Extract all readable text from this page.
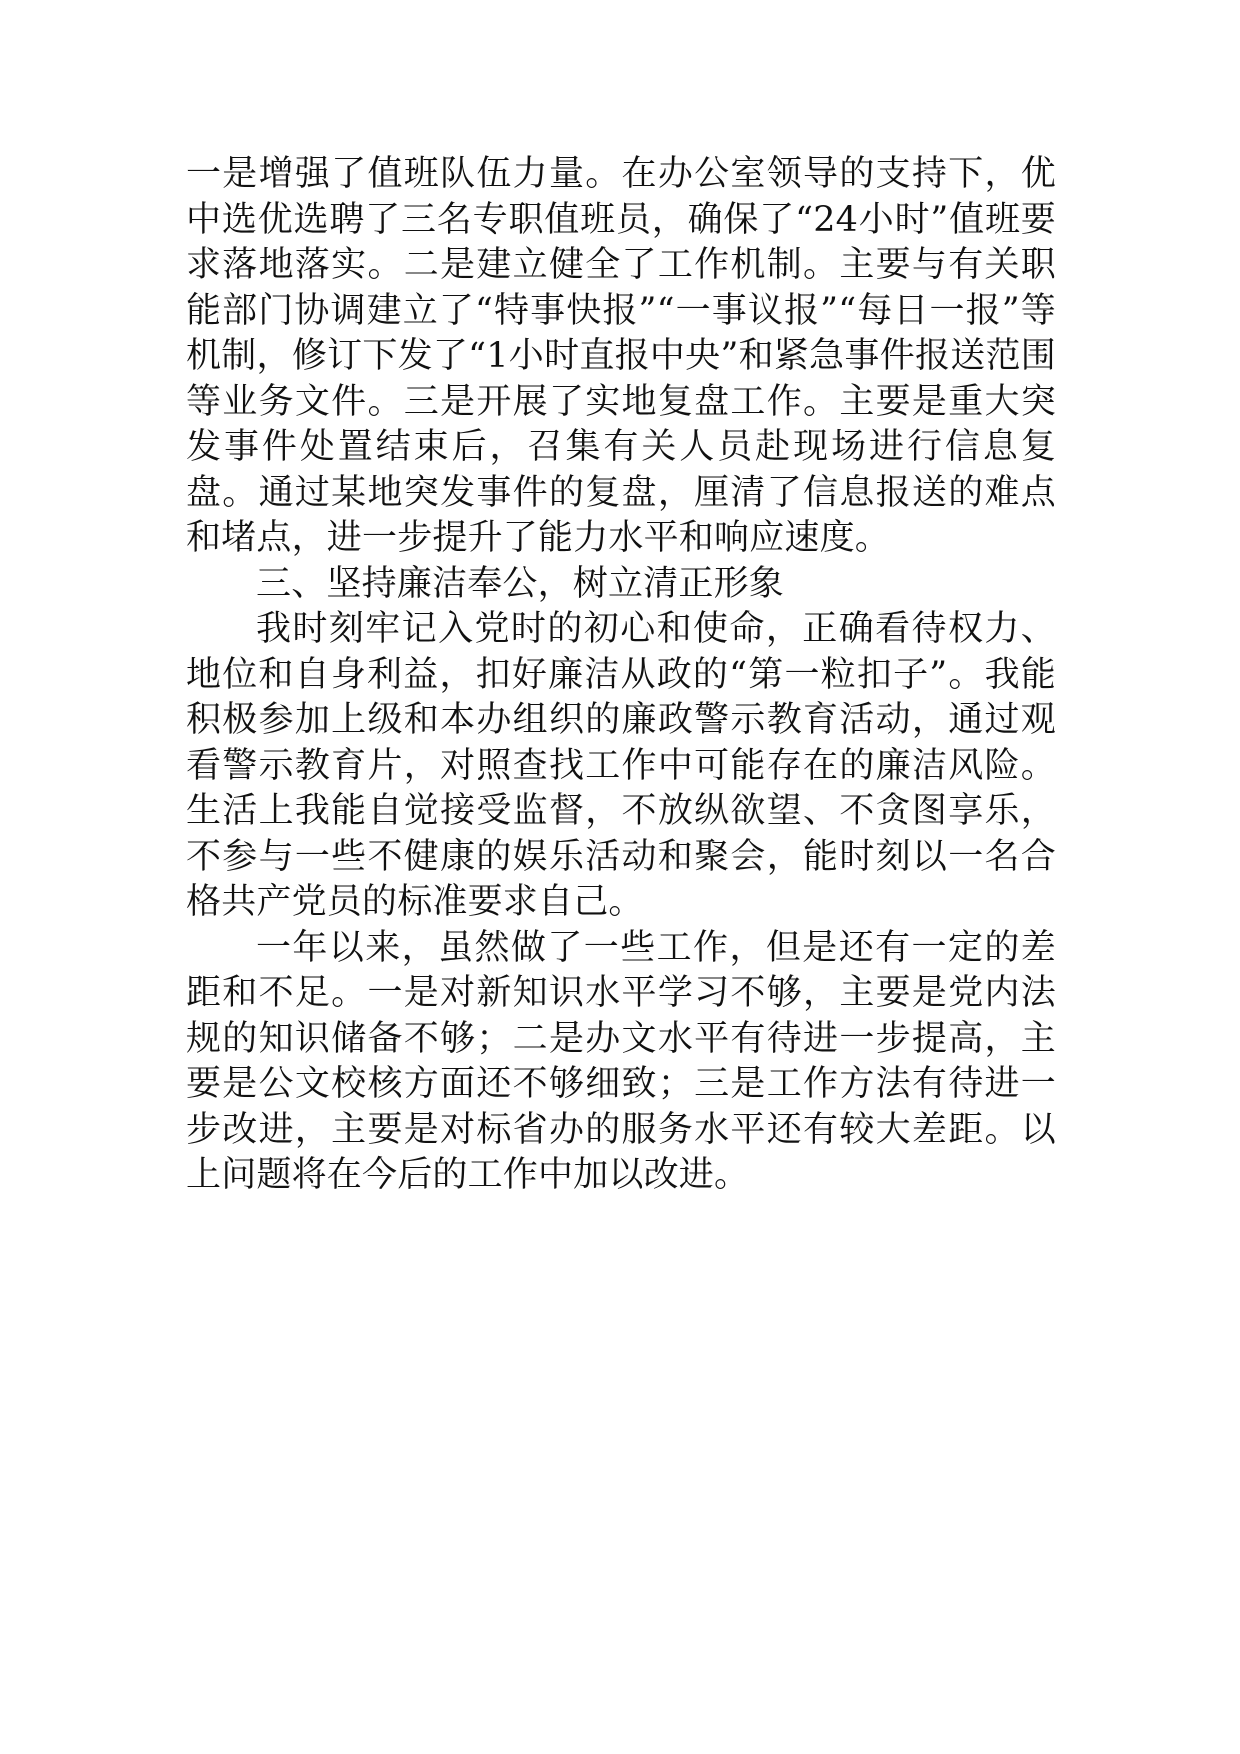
一是增强了值班队伍力量。在办公室领导的支持下，优中选优选聘了三名专职值班员，确保了“24小时”值班要求落地落实。二是建立健全了工作机制。主要与有关职能部门协调建立了“特事快报”“一事议报”“每日一报”等机制，修订下发了“1小时直报中央”和紧急事件报送范围等业务文件。三是开展了实地复盘工作。主要是重大突发事件处置结束后，召集有关人员赴现场进行信息复盘。通过某地突发事件的复盘，厘清了信息报送的难点和堵点，进一步提升了能力水平和响应速度。

三、坚持廉洁奉公，树立清正形象

我时刻牢记入党时的初心和使命，正确看待权力、地位和自身利益，扣好廉洁从政的“第一粒扣子”。我能积极参加上级和本办组织的廉政警示教育活动，通过观看警示教育片，对照查找工作中可能存在的廉洁风险。生活上我能自觉接受监督，不放纵欲望、不贪图享乐，不参与一些不健康的娱乐活动和聚会，能时刻以一名合格共产党员的标准要求自己。

一年以来，虽然做了一些工作，但是还有一定的差距和不足。一是对新知识水平学习不够，主要是党内法规的知识储备不够；二是办文水平有待进一步提高，主要是公文校核方面还不够细致；三是工作方法有待进一步改进，主要是对标省办的服务水平还有较大差距。以上问题将在今后的工作中加以改进。
